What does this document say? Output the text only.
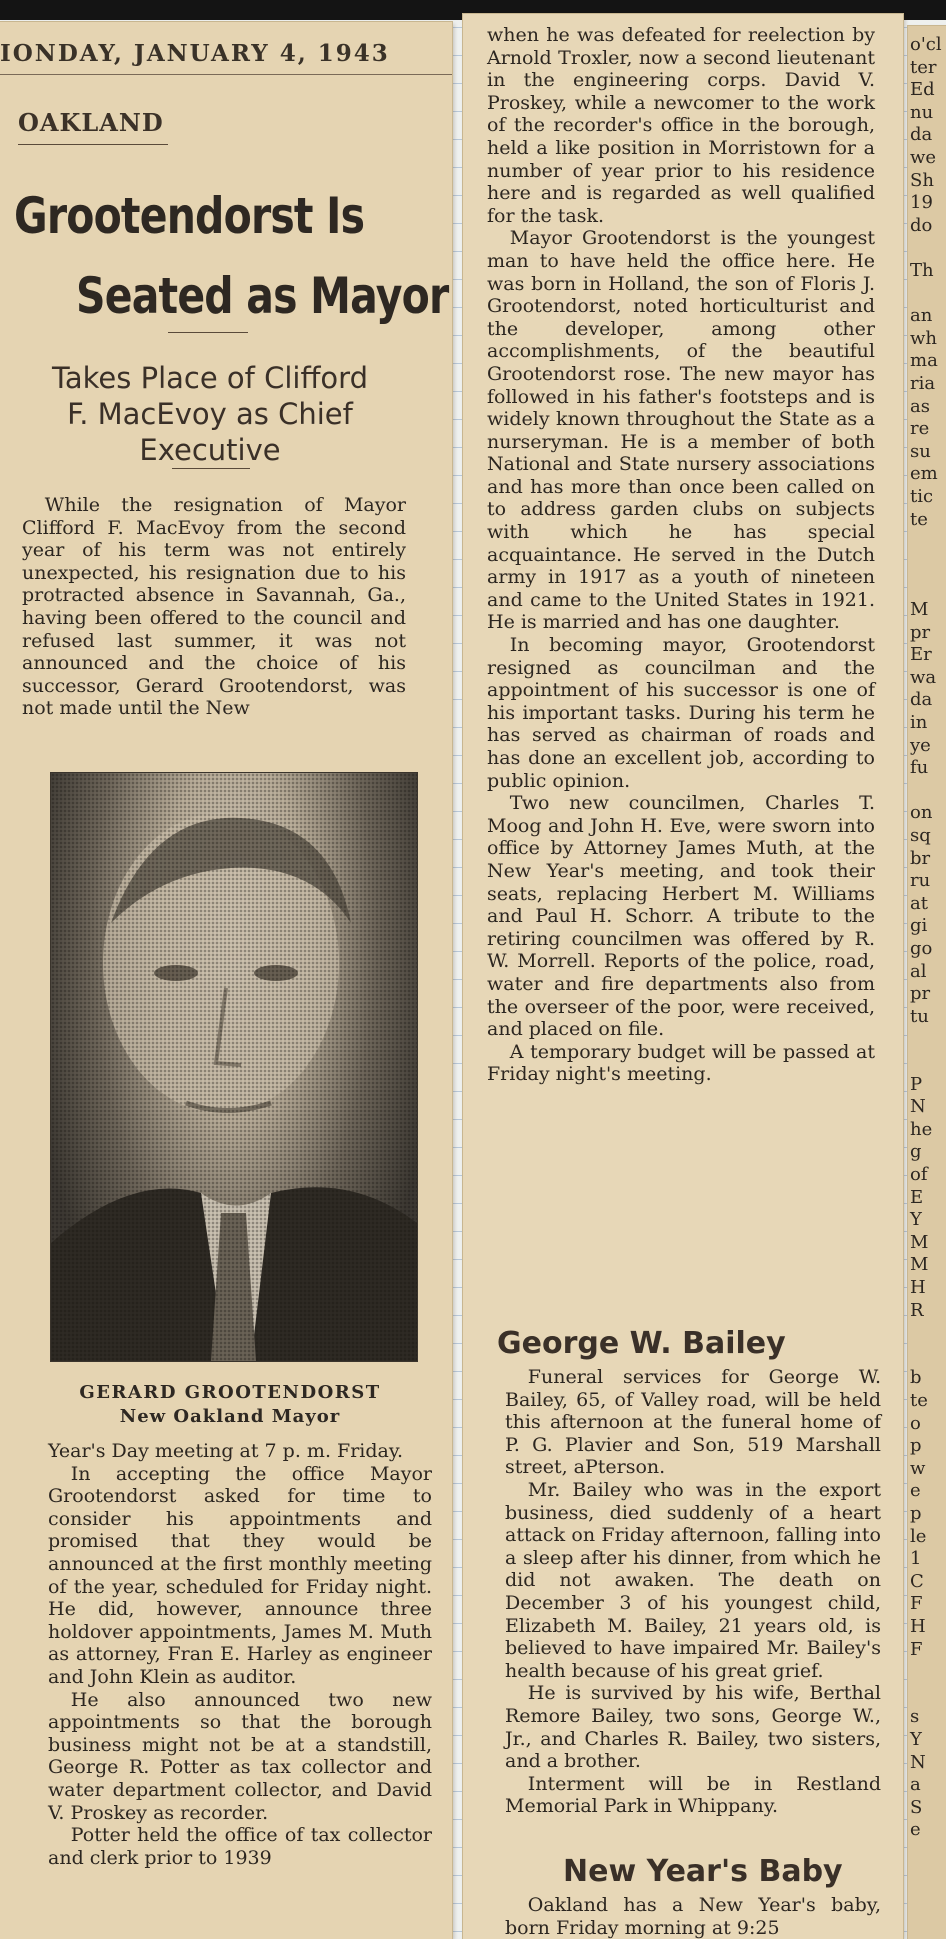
IONDAY, JANUARY 4, 1943
OAKLAND
Grootendorst Is
Seated as Mayor
Takes Place of Clifford
F. MacEvoy as Chief
Executive

While the resignation of Mayor Clifford F. MacEvoy from the second year of his term was not entirely unexpected, his resignation due to his protracted absence in Savannah, Ga., having been offered to the council and refused last summer, it was not announced and the choice of his successor, Gerard Grootendorst, was not made until the New

GERARD GROOTENDORST
New Oakland Mayor

Year's Day meeting at 7 p. m. Friday.

In accepting the office Mayor Grootendorst asked for time to consider his appointments and promised that they would be announced at the first monthly meeting of the year, scheduled for Friday night. He did, however, announce three holdover appointments, James M. Muth as attorney, Fran E. Harley as engineer and John Klein as auditor.

He also announced two new appointments so that the borough business might not be at a standstill, George R. Potter as tax collector and water department collector, and David V. Proskey as recorder.

Potter held the office of tax collector and clerk prior to 1939

when he was defeated for reelection by Arnold Troxler, now a second lieutenant in the engineering corps. David V. Proskey, while a newcomer to the work of the recorder's office in the borough, held a like position in Morristown for a number of year prior to his residence here and is regarded as well qualified for the task.

Mayor Grootendorst is the youngest man to have held the office here. He was born in Holland, the son of Floris J. Grootendorst, noted horticulturist and the developer, among other accomplishments, of the beautiful Grootendorst rose. The new mayor has followed in his father's footsteps and is widely known throughout the State as a nurseryman. He is a member of both National and State nursery associations and has more than once been called on to address garden clubs on subjects with which he has special acquaintance. He served in the Dutch army in 1917 as a youth of nineteen and came to the United States in 1921. He is married and has one daughter.

In becoming mayor, Grootendorst resigned as councilman and the appointment of his successor is one of his important tasks. During his term he has served as chairman of roads and has done an excellent job, according to public opinion.

Two new councilmen, Charles T. Moog and John H. Eve, were sworn into office by Attorney James Muth, at the New Year's meeting, and took their seats, replacing Herbert M. Williams and Paul H. Schorr. A tribute to the retiring councilmen was offered by R. W. Morrell. Reports of the police, road, water and fire departments also from the overseer of the poor, were received, and placed on file.

A temporary budget will be passed at Friday night's meeting.

George W. Bailey

Funeral services for George W. Bailey, 65, of Valley road, will be held this afternoon at the funeral home of P. G. Plavier and Son, 519 Marshall street, aPterson.

Mr. Bailey who was in the export business, died suddenly of a heart attack on Friday afternoon, falling into a sleep after his dinner, from which he did not awaken. The death on December 3 of his youngest child, Elizabeth M. Bailey, 21 years old, is believed to have impaired Mr. Bailey's health because of his great grief.

He is survived by his wife, Berthal Remore Bailey, two sons, George W., Jr., and Charles R. Bailey, two sisters, and a brother.

Interment will be in Restland Memorial Park in Whippany.

New Year's Baby

Oakland has a New Year's baby, born Friday morning at 9:25

o'cl
ter
Ed
nu
da
we
Sh
19
do
Th
an
wh
ma
ria
as
re
su
em
tic
te
M
pr
Er
wa
da
in
ye
fu
on
sq
br
ru
at
gi
go
al
pr
tu
P
N
he
g
of
E
Y
M
M
H
R
b
te
o
p
w
e
p
le
1
C
F
H
F
s
Y
N
a
S
e
